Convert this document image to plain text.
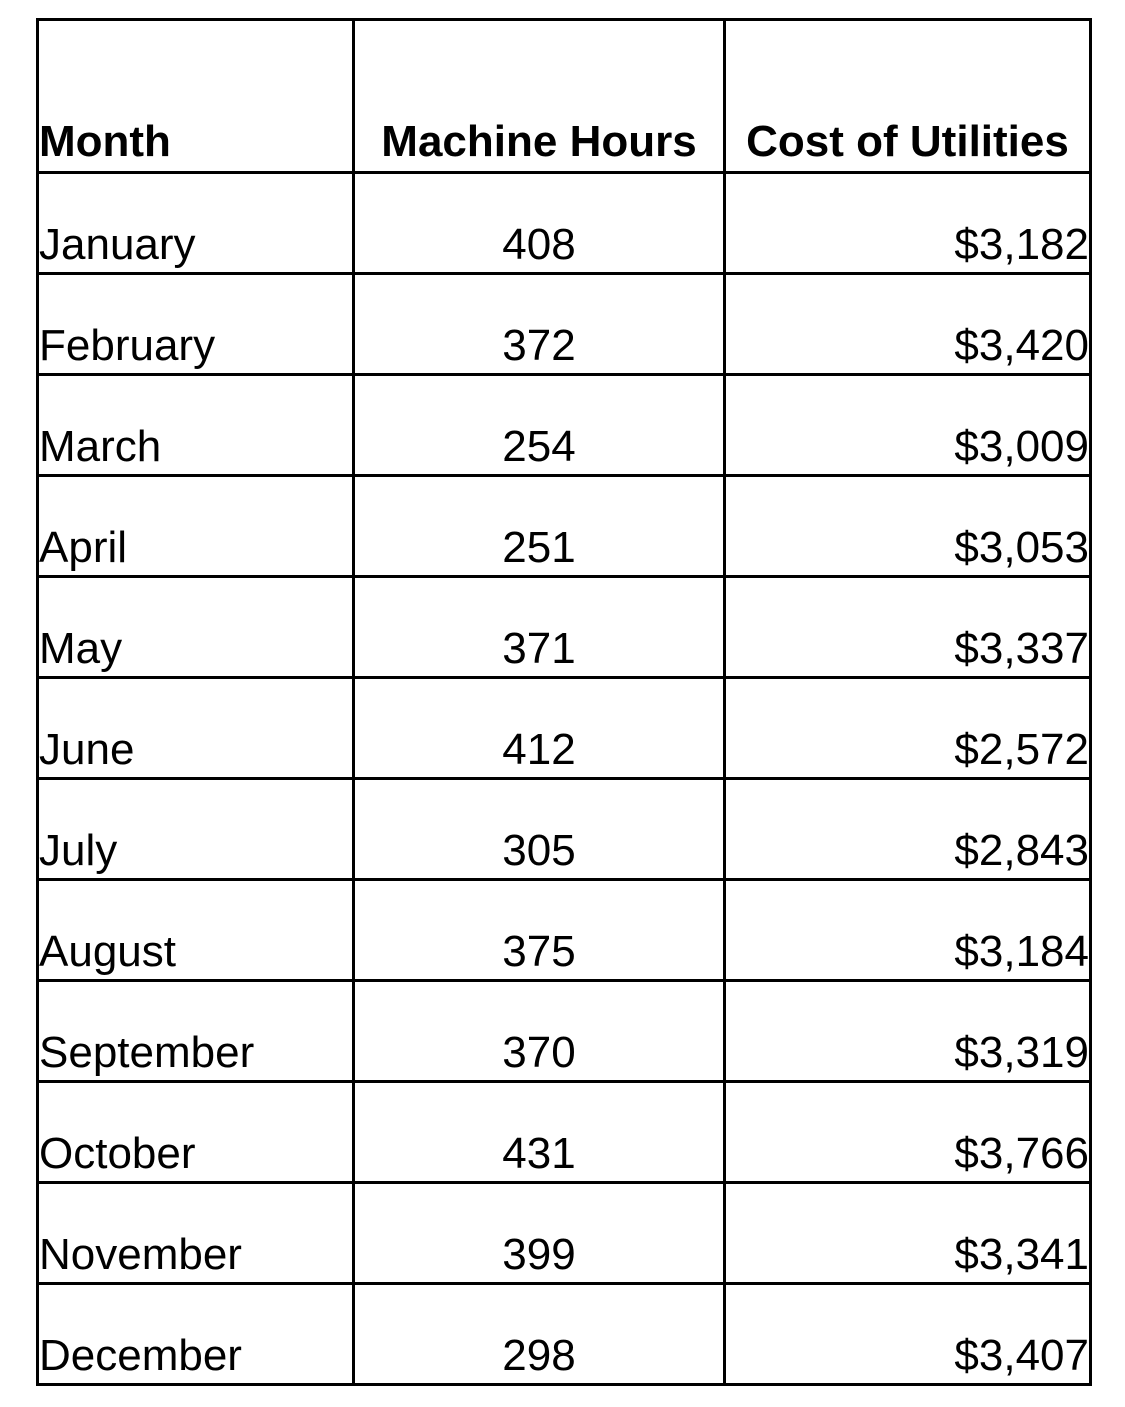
Month	Machine Hours	Cost of Utilities
January	408	$3,182
February	372	$3,420
March	254	$3,009
April	251	$3,053
May	371	$3,337
June	412	$2,572
July	305	$2,843
August	375	$3,184
September	370	$3,319
October	431	$3,766
November	399	$3,341
December	298	$3,407
